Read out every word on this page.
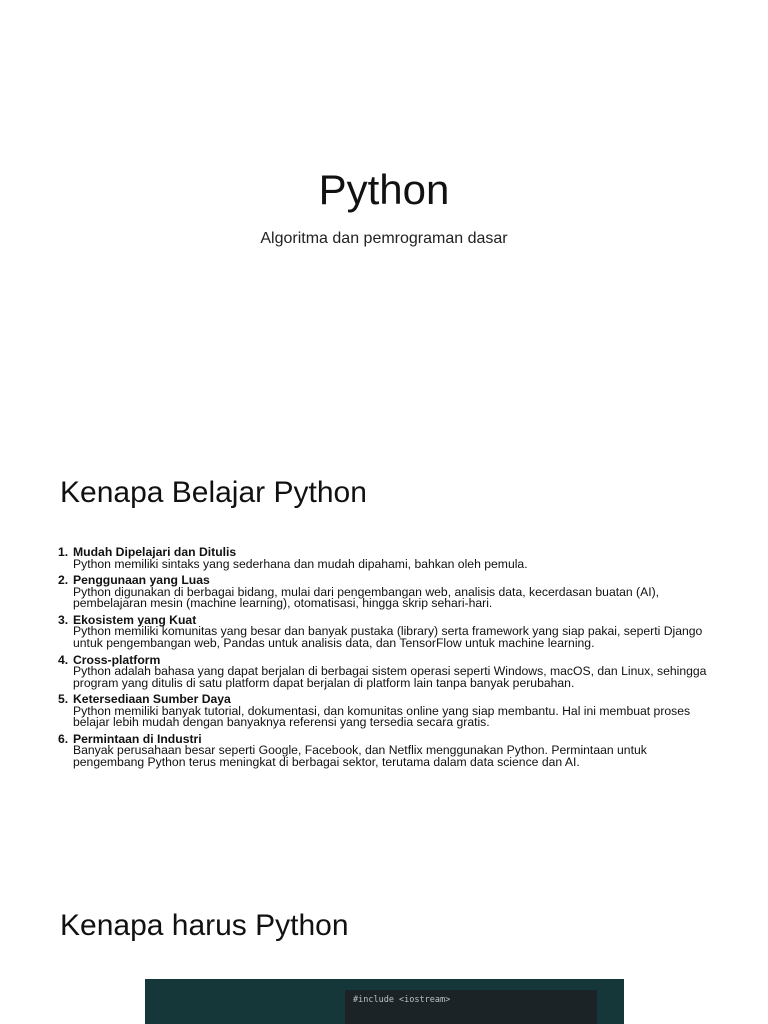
Python
Algoritma dan pemrograman dasar
Kenapa Belajar Python
1. Mudah Dipelajari dan Ditulis
Python memiliki sintaks yang sederhana dan mudah dipahami, bahkan oleh pemula.
2. Penggunaan yang Luas
Python digunakan di berbagai bidang, mulai dari pengembangan web, analisis data, kecerdasan buatan (AI), pembelajaran mesin (machine learning), otomatisasi, hingga skrip sehari-hari.
3. Ekosistem yang Kuat
Python memiliki komunitas yang besar dan banyak pustaka (library) serta framework yang siap pakai, seperti Django untuk pengembangan web, Pandas untuk analisis data, dan TensorFlow untuk machine learning.
4. Cross-platform
Python adalah bahasa yang dapat berjalan di berbagai sistem operasi seperti Windows, macOS, dan Linux, sehingga program yang ditulis di satu platform dapat berjalan di platform lain tanpa banyak perubahan.
5. Ketersediaan Sumber Daya
Python memiliki banyak tutorial, dokumentasi, dan komunitas online yang siap membantu. Hal ini membuat proses belajar lebih mudah dengan banyaknya referensi yang tersedia secara gratis.
6. Permintaan di Industri
Banyak perusahaan besar seperti Google, Facebook, dan Netflix menggunakan Python. Permintaan untuk pengembang Python terus meningkat di berbagai sektor, terutama dalam data science dan AI.
Kenapa harus Python
#include <iostream>
